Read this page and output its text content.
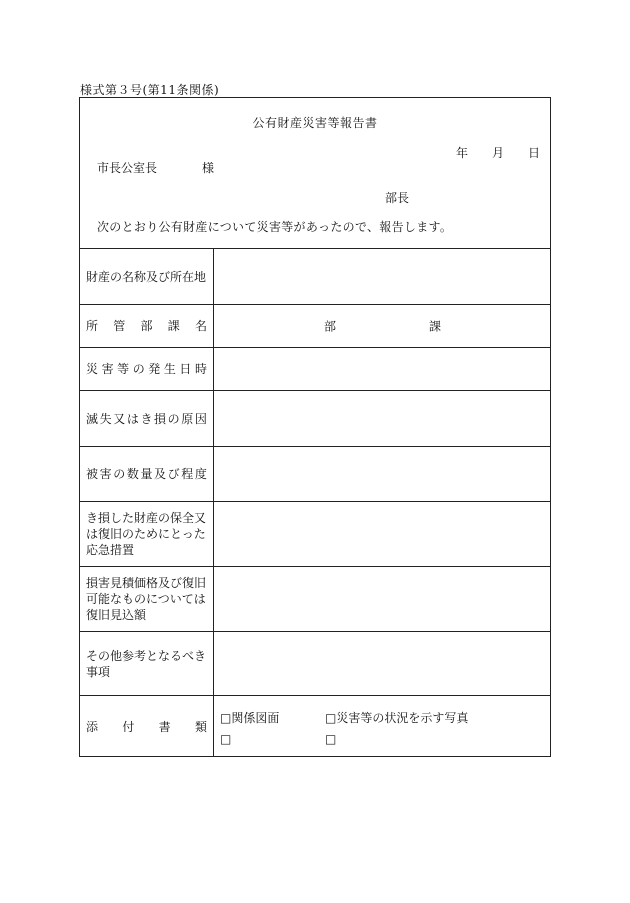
様式第３号(第11条関係)
公有財産災害等報告書
年 月 日
市長公室長	様
部長
次のとおり公有財産について災害等があったので、報告します。
財産の名称及び所在地
所 管 部 課 名	部	課
災 害 等 の 発 生 日 時
滅 失 又 は き 損 の 原 因
被 害 の 数 量 及 び 程 度
き損した財産の保全又
は復旧のためにとった
応急措置
損害見積価格及び復旧
可能なものについては
復旧見込額
その他参考となるべき
事項
添 付 書 類
□関係図面	□災害等の状況を示す写真
□	□
